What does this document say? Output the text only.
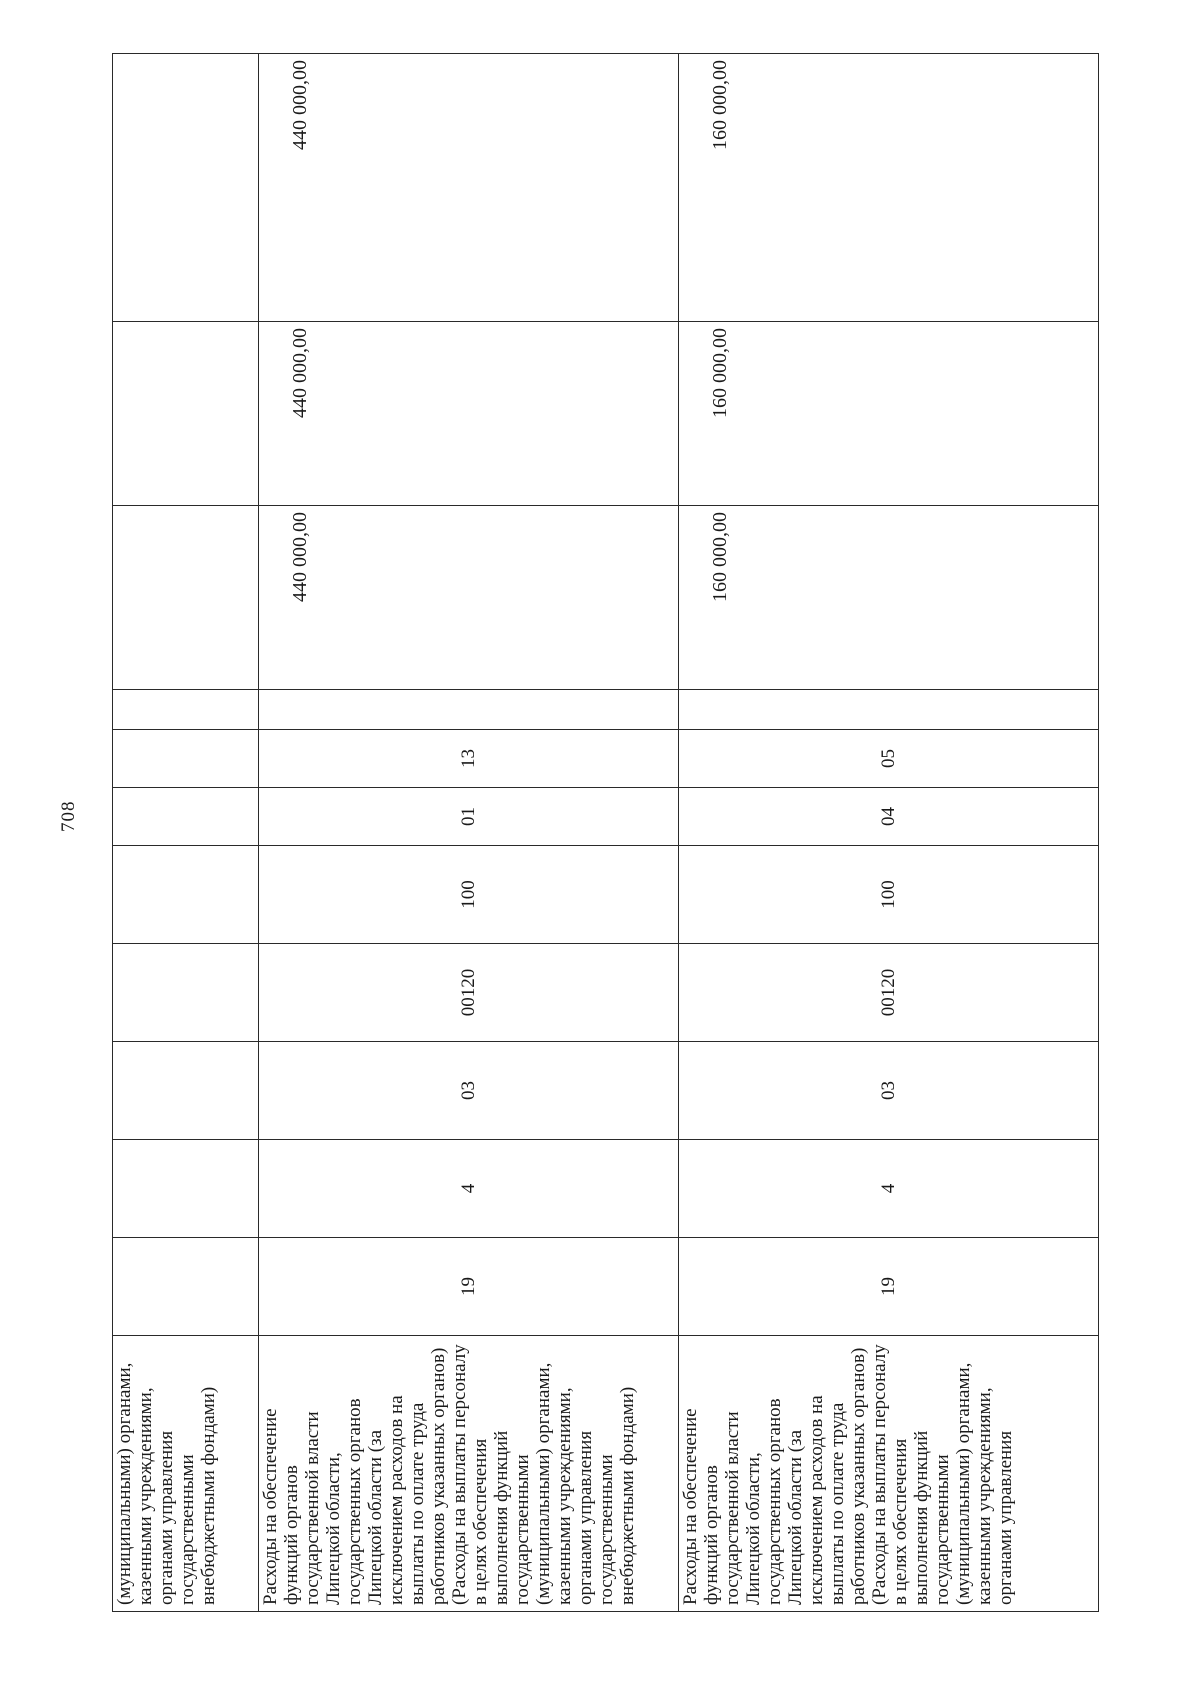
708
(муниципальными) органами, казенными учреждениями, органами управления государственными внебюджетными фондами)											
Расходы на обеспечение функций органов государственной власти Липецкой области, государственных органов Липецкой области (за исключением расходов на выплаты по оплате труда работников указанных органов) (Расходы на выплаты персоналу в целях обеспечения выполнения функций государственными (муниципальными) органами, казенными учреждениями, органами управления государственными внебюджетными фондами)	19	4	03	00120	100	01	13		440 000,00	440 000,00	440 000,00
Расходы на обеспечение функций органов государственной власти Липецкой области, государственных органов Липецкой области (за исключением расходов на выплаты по оплате труда работников указанных органов) (Расходы на выплаты персоналу в целях обеспечения выполнения функций государственными (муниципальными) органами, казенными учреждениями, органами управления	19	4	03	00120	100	04	05		160 000,00	160 000,00	160 000,00
